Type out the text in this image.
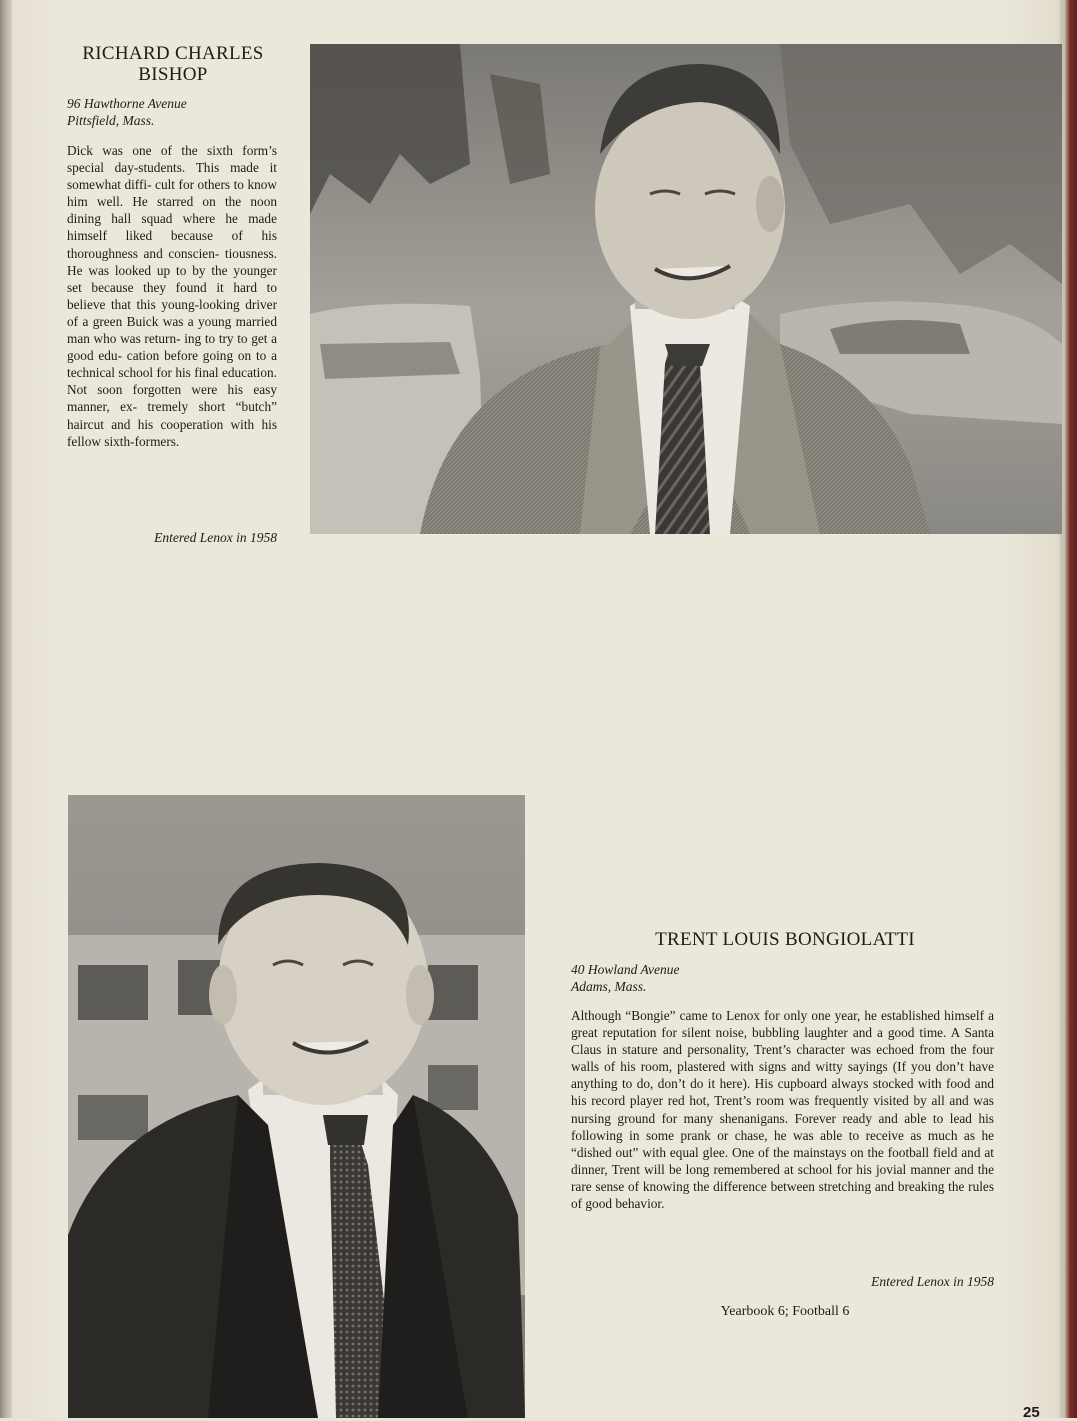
RICHARD CHARLES
BISHOP
96 Hawthorne Avenue
Pittsfield, Mass.

Dick was one of the sixth form’s special day-students. This made it somewhat diffi- cult for others to know him well. He starred on the noon dining hall squad where he made himself liked because of his thoroughness and conscien- tiousness. He was looked up to by the younger set because they found it hard to believe that this young-looking driver of a green Buick was a young married man who was return- ing to try to get a good edu- cation before going on to a technical school for his final education. Not soon forgotten were his easy manner, ex- tremely short “butch” haircut and his cooperation with his fellow sixth-formers.

Entered Lenox in 1958
TRENT LOUIS BONGIOLATTI
40 Howland Avenue
Adams, Mass.

Although “Bongie” came to Lenox for only one year, he established himself a great reputation for silent noise, bubbling laughter and a good time. A Santa Claus in stature and personality, Trent’s character was echoed from the four walls of his room, plastered with signs and witty sayings (If you don’t have anything to do, don’t do it here). His cupboard always stocked with food and his record player red hot, Trent’s room was frequently visited by all and was nursing ground for many shenanigans. Forever ready and able to lead his following in some prank or chase, he was able to receive as much as he “dished out” with equal glee. One of the mainstays on the football field and at dinner, Trent will be long remembered at school for his jovial manner and the rare sense of knowing the difference between stretching and breaking the rules of good behavior.

Entered Lenox in 1958
Yearbook 6; Football 6
25
